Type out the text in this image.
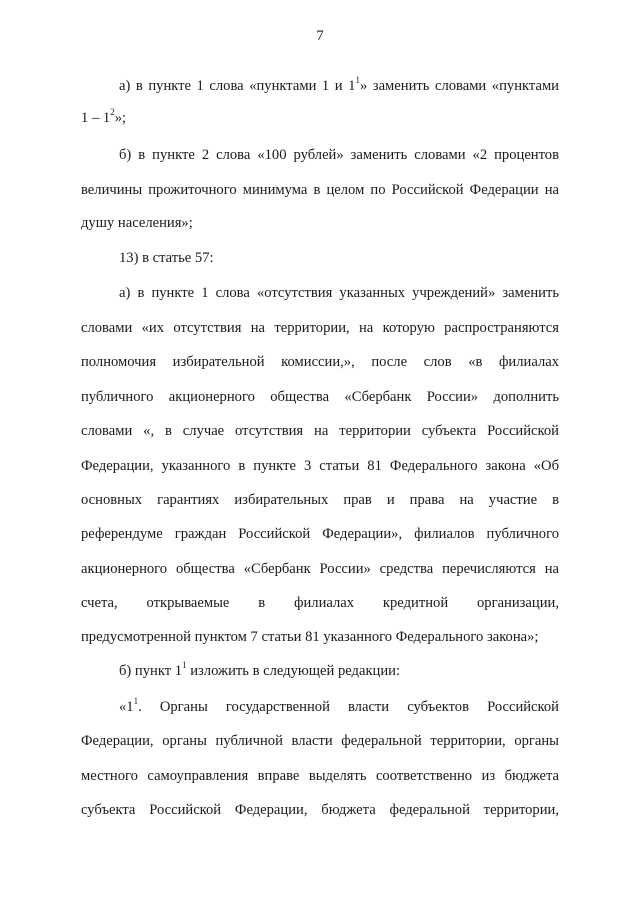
7
а) в пункте 1 слова «пунктами 1 и $1^1$» заменить словами «пунктами
$1 - 1^2$»;
б) в пункте 2 слова «100 рублей» заменить словами «2 процентов
величины прожиточного минимума в целом по Российской Федерации на
душу населения»;
13) в статье 57:
а) в пункте 1 слова «отсутствия указанных учреждений» заменить
словами «их отсутствия на территории, на которую распространяются
полномочия избирательной комиссии,», после слов «в филиалах
публичного акционерного общества «Сбербанк России» дополнить
словами «, в случае отсутствия на территории субъекта Российской
Федерации, указанного в пункте 3 статьи 81 Федерального закона «Об
основных гарантиях избирательных прав и права на участие в
референдуме граждан Российской Федерации», филиалов публичного
акционерного общества «Сбербанк России» средства перечисляются на
счета, открываемые в филиалах кредитной организации,
предусмотренной пунктом 7 статьи 81 указанного Федерального закона»;
б) пункт $1^1$ изложить в следующей редакции:
«$1^1$. Органы государственной власти субъектов Российской
Федерации, органы публичной власти федеральной территории, органы
местного самоуправления вправе выделять соответственно из бюджета
субъекта Российской Федерации, бюджета федеральной территории,
